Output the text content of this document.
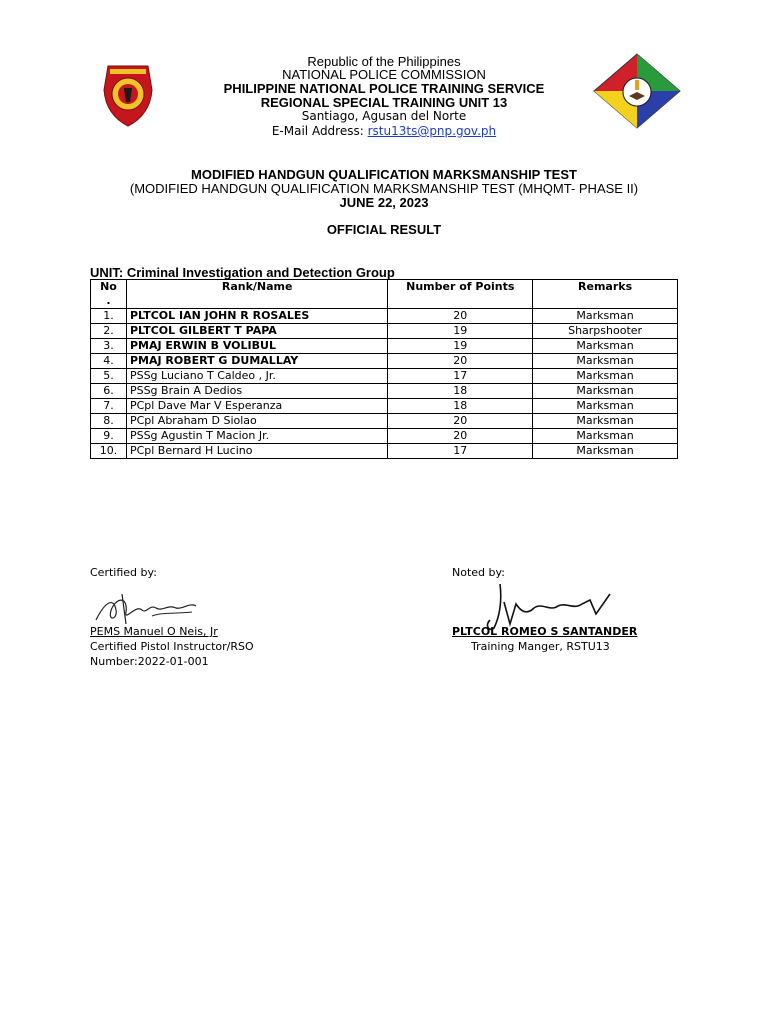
Republic of the Philippines
NATIONAL POLICE COMMISSION
PHILIPPINE NATIONAL POLICE TRAINING SERVICE
REGIONAL SPECIAL TRAINING UNIT 13
Santiago, Agusan del Norte
E-Mail Address: rstu13ts@pnp.gov.ph
MODIFIED HANDGUN QUALIFICATION MARKSMANSHIP TEST
(MODIFIED HANDGUN QUALIFICATION MARKSMANSHIP TEST (MHQMT- PHASE II)
JUNE 22, 2023
OFFICIAL RESULT
UNIT: Criminal Investigation and Detection Group
No
.	Rank/Name	Number of Points	Remarks
1.	PLTCOL IAN JOHN R ROSALES	20	Marksman
2.	PLTCOL GILBERT T PAPA	19	Sharpshooter
3.	PMAJ ERWIN B VOLIBUL	19	Marksman
4.	PMAJ ROBERT G DUMALLAY	20	Marksman
5.	PSSg Luciano T Caldeo , Jr.	17	Marksman
6.	PSSg Brain A Dedios	18	Marksman
7.	PCpl Dave Mar V Esperanza	18	Marksman
8.	PCpl Abraham D Siolao	20	Marksman
9.	PSSg Agustin T Macion Jr.	20	Marksman
10.	PCpl Bernard H Lucino	17	Marksman
Certified by:
PEMS Manuel O Neis, Jr
Certified Pistol Instructor/RSO
Number:2022-01-001
Noted by:
PLTCOL ROMEO S SANTANDER
Training Manger, RSTU13
